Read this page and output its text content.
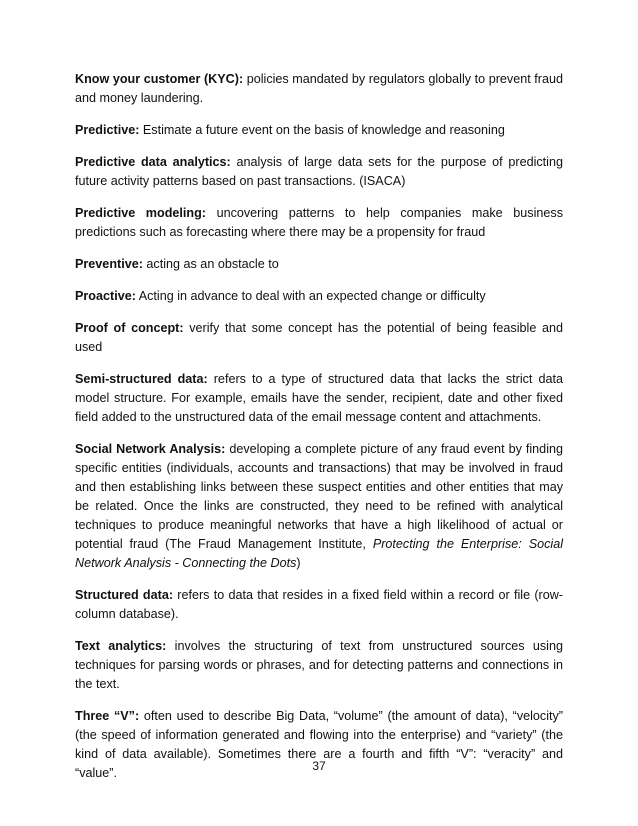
Know your customer (KYC): policies mandated by regulators globally to prevent fraud and money laundering.

Predictive: Estimate a future event on the basis of knowledge and reasoning

Predictive data analytics: analysis of large data sets for the purpose of predicting future activity patterns based on past transactions. (ISACA)

Predictive modeling: uncovering patterns to help companies make business predictions such as forecasting where there may be a propensity for fraud

Preventive: acting as an obstacle to

Proactive: Acting in advance to deal with an expected change or difficulty

Proof of concept: verify that some concept has the potential of being feasible and used

Semi-structured data: refers to a type of structured data that lacks the strict data model structure. For example, emails have the sender, recipient, date and other fixed field added to the unstructured data of the email message content and attachments.

Social Network Analysis: developing a complete picture of any fraud event by finding specific entities (individuals, accounts and transactions) that may be involved in fraud and then establishing links between these suspect entities and other entities that may be related. Once the links are constructed, they need to be refined with analytical techniques to produce meaningful networks that have a high likelihood of actual or potential fraud (The Fraud Management Institute, Protecting the Enterprise: Social Network Analysis - Connecting the Dots)

Structured data: refers to data that resides in a fixed field within a record or file (row-column database).

Text analytics: involves the structuring of text from unstructured sources using techniques for parsing words or phrases, and for detecting patterns and connections in the text.

Three “V”: often used to describe Big Data, “volume” (the amount of data), “velocity” (the speed of information generated and flowing into the enterprise) and “variety” (the kind of data available). Sometimes there are a fourth and fifth “V”: “veracity” and “value”.	37
